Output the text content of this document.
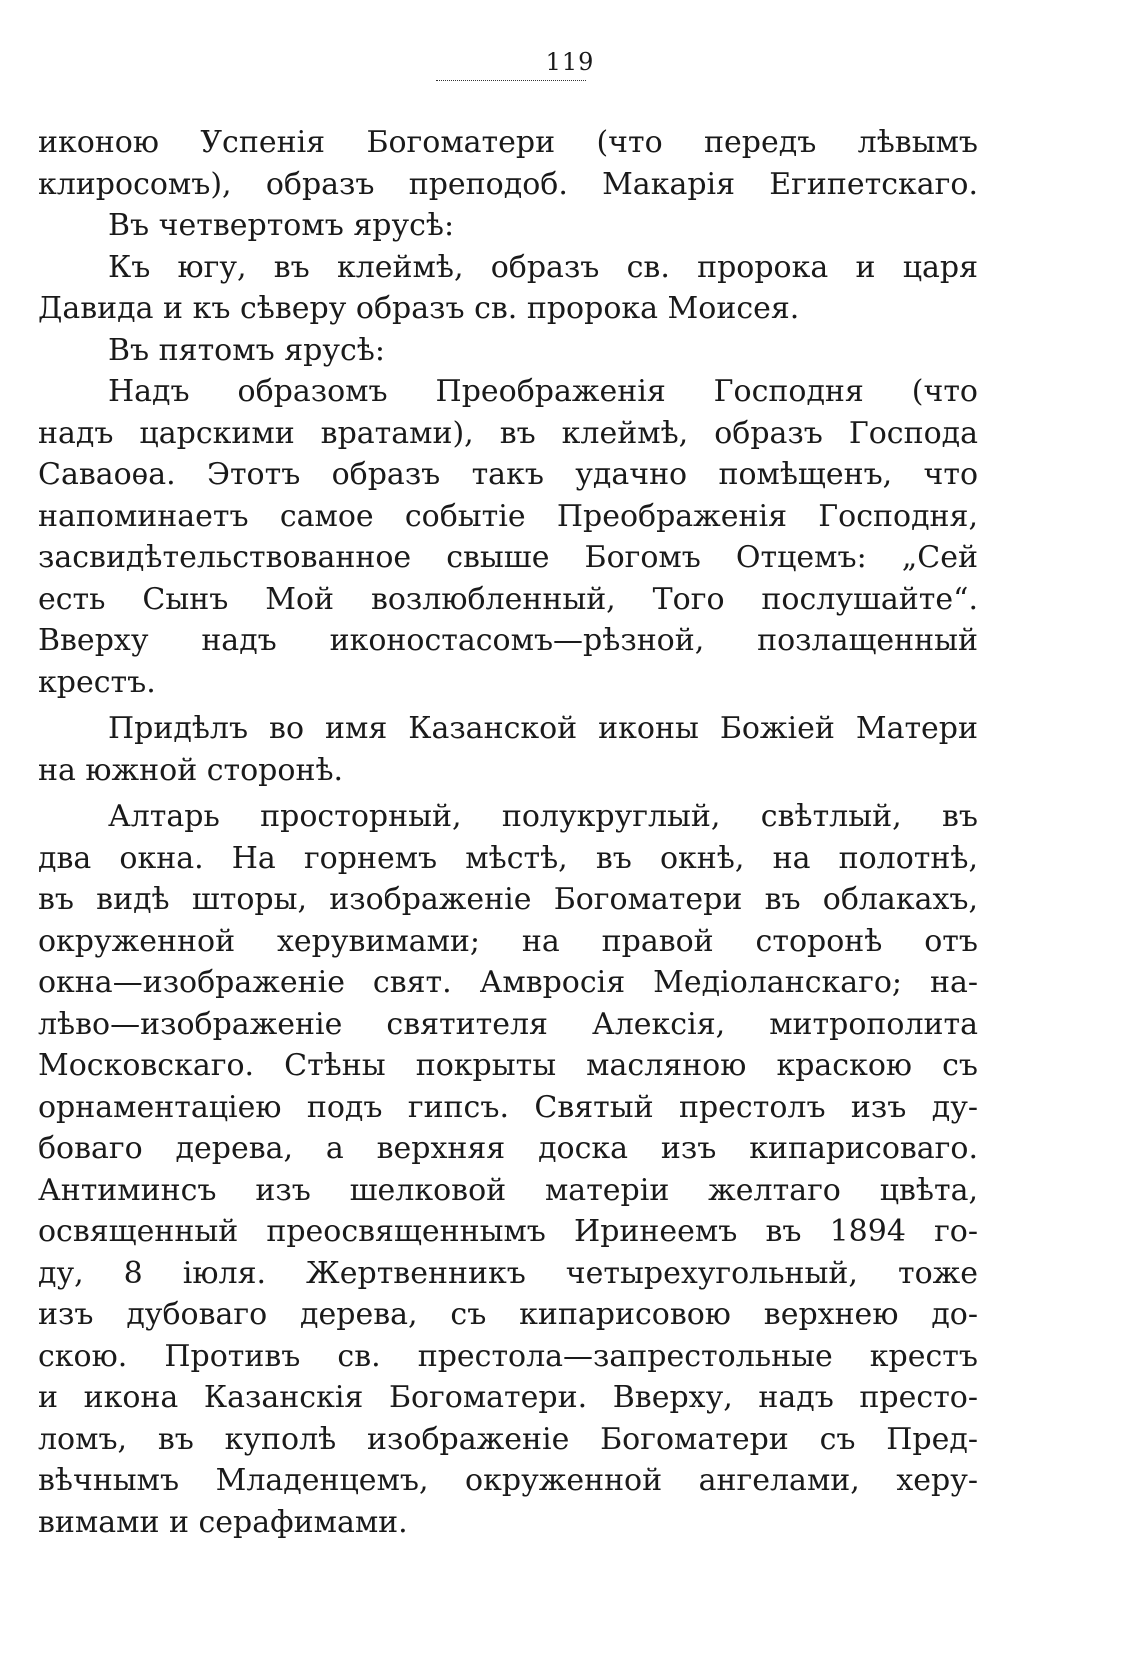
119
иконою Успенія Богоматери (что передъ лѣвымъ
клиросомъ), образъ преподоб. Макарія Египетскаго.
Въ четвертомъ ярусѣ:
Къ югу, въ клеймѣ, образъ св. пророка и царя
Давида и къ сѣверу образъ св. пророка Моисея.
Въ пятомъ ярусѣ:
Надъ образомъ Преображенія Господня (что
надъ царскими вратами), въ клеймѣ, образъ Господа
Саваоѳа. Этотъ образъ такъ удачно помѣщенъ, что
напоминаетъ самое событіе Преображенія Господня,
засвидѣтельствованное свыше Богомъ Отцемъ: „Сей
есть Сынъ Мой возлюбленный, Того послушайте“.
Вверху надъ иконостасомъ—рѣзной, позлащенный
крестъ.
Придѣлъ во имя Казанской иконы Божіей Матери
на южной сторонѣ.
Алтарь просторный, полукруглый, свѣтлый, въ
два окна. На горнемъ мѣстѣ, въ окнѣ, на полотнѣ,
въ видѣ шторы, изображеніе Богоматери въ облакахъ,
окруженной херувимами; на правой сторонѣ отъ
окна—изображеніе свят. Амвросія Медіоланскаго; на-
лѣво—изображеніе святителя Алексія, митрополита
Московскаго. Стѣны покрыты масляною краскою съ
орнаментаціею подъ гипсъ. Святый престолъ изъ ду-
боваго дерева, а верхняя доска изъ кипарисоваго.
Антиминсъ изъ шелковой матеріи желтаго цвѣта,
освященный преосвященнымъ Иринеемъ въ 1894 го-
ду, 8 іюля. Жертвенникъ четырехугольный, тоже
изъ дубоваго дерева, съ кипарисовою верхнею до-
скою. Противъ св. престола—запрестольные крестъ
и икона Казанскія Богоматери. Вверху, надъ престо-
ломъ, въ куполѣ изображеніе Богоматери съ Пред-
вѣчнымъ Младенцемъ, окруженной ангелами, херу-
вимами и серафимами.
